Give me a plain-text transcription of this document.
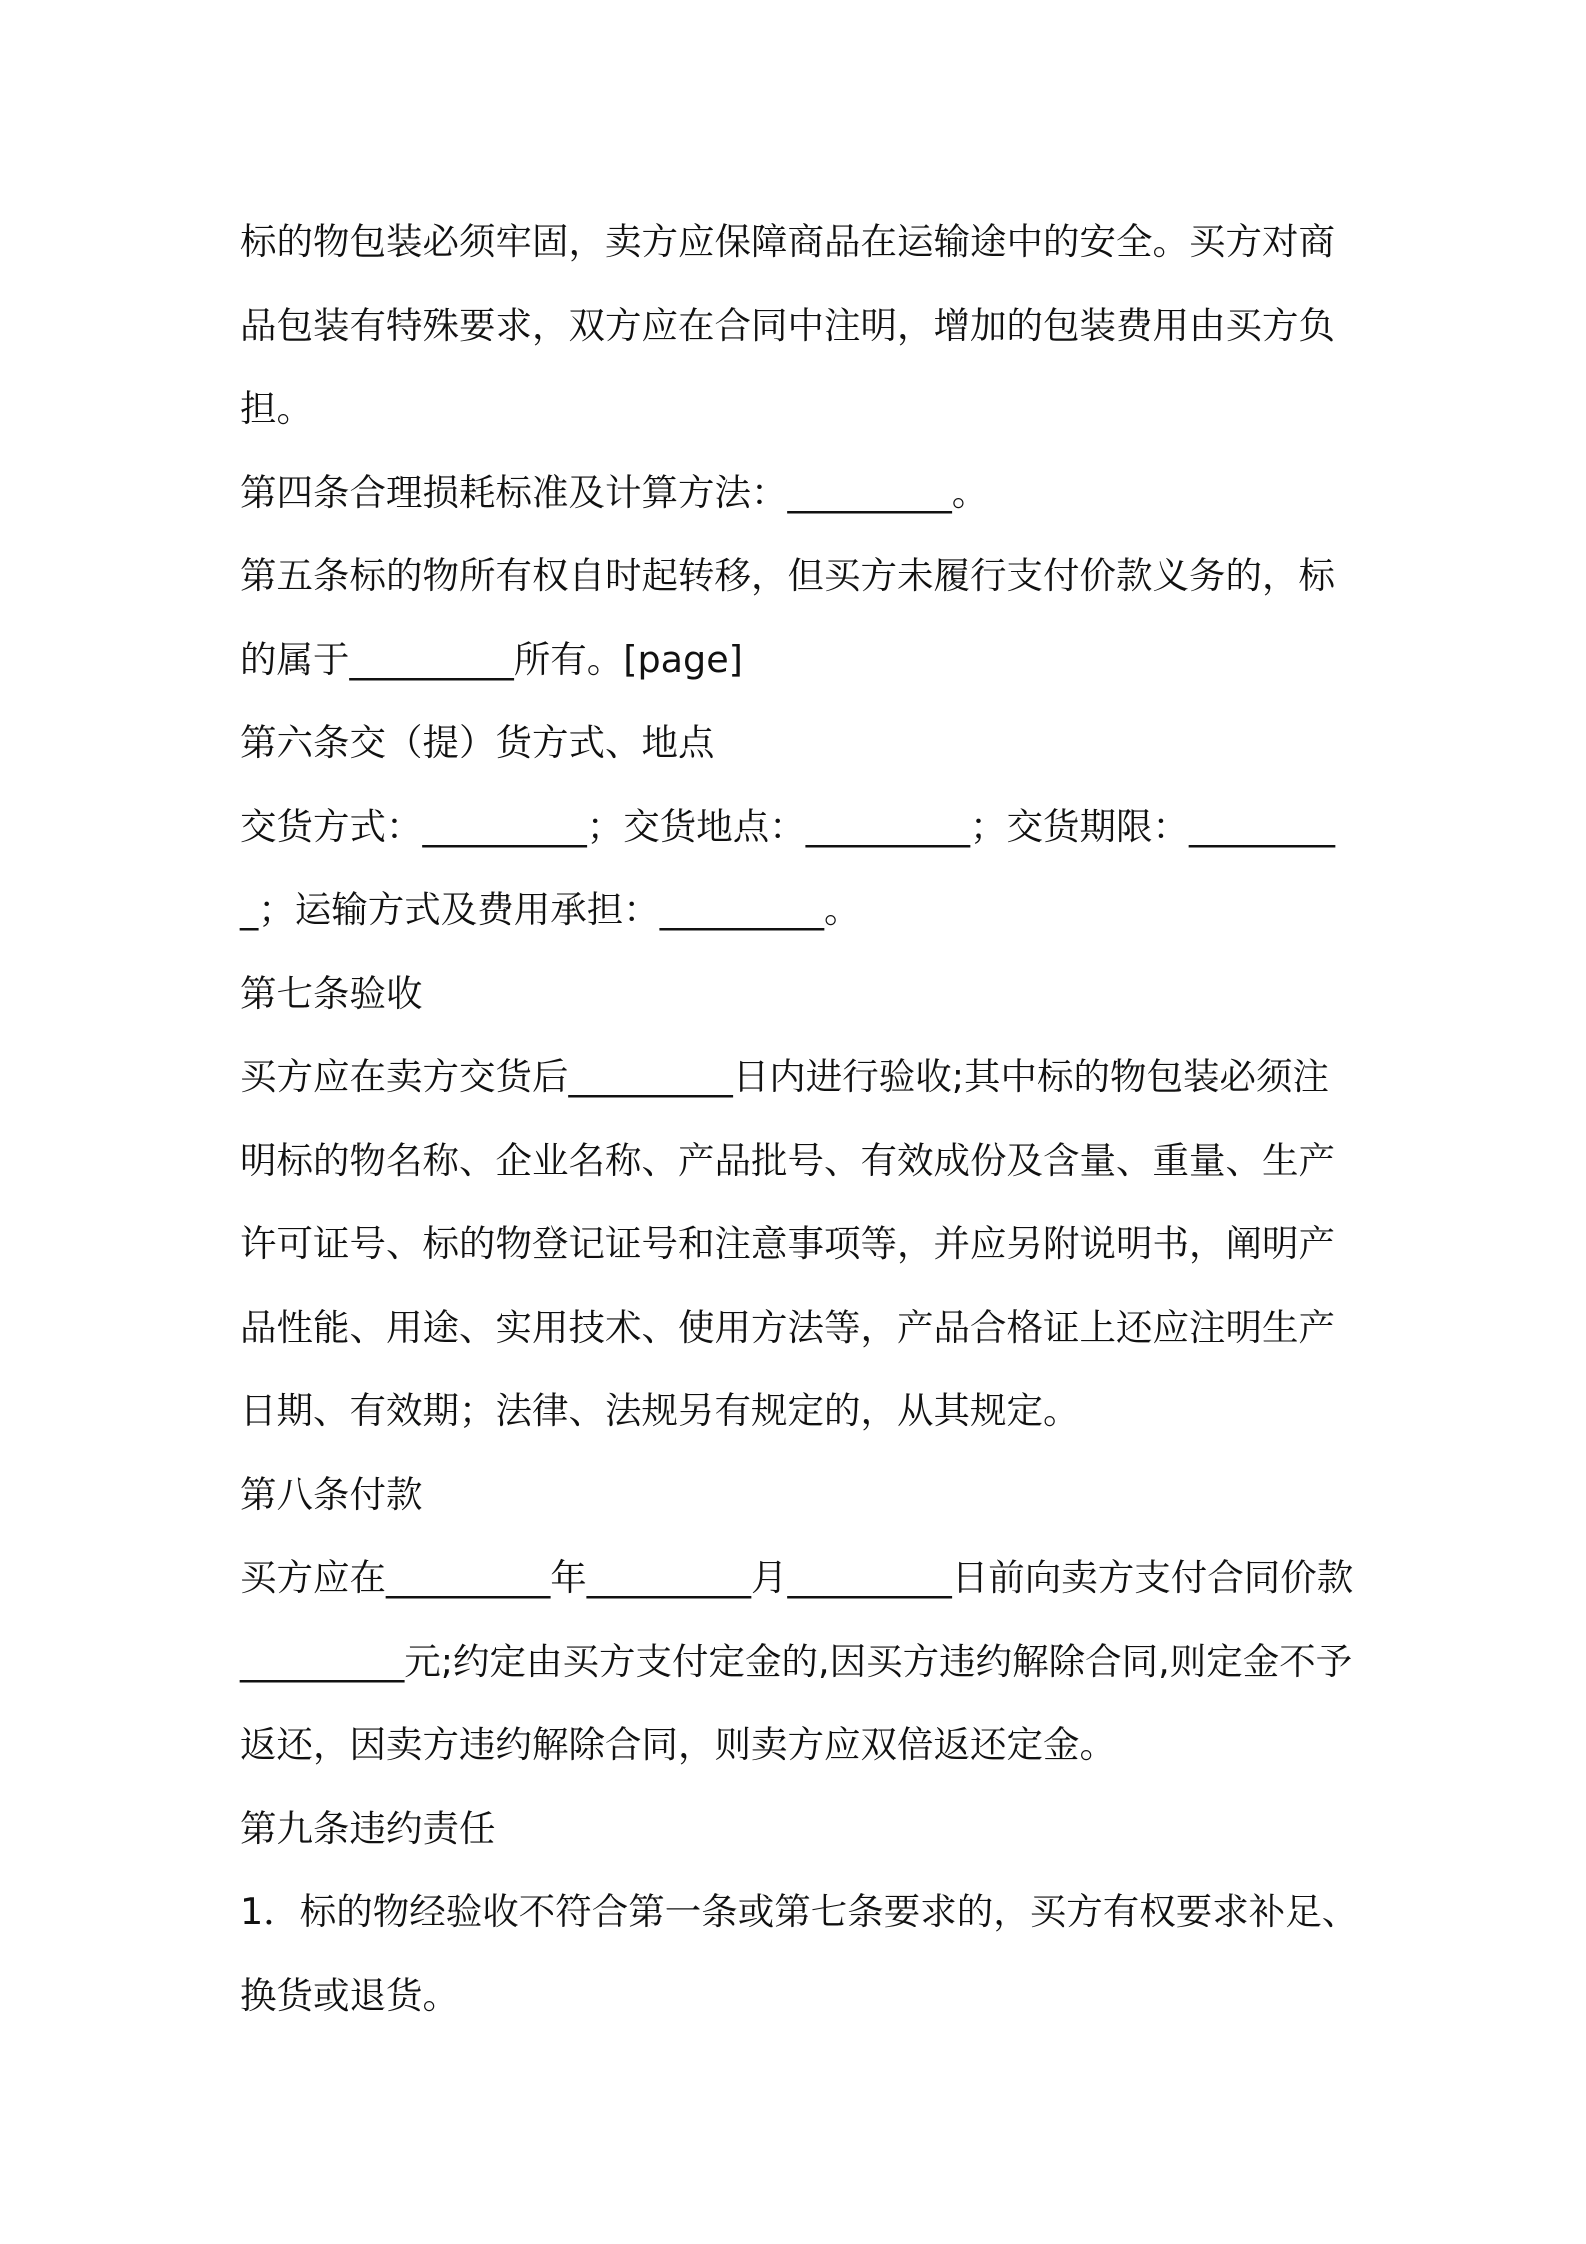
标的物包装必须牢固，卖方应保障商品在运输途中的安全。买方对商品包装有特殊要求，双方应在合同中注明，增加的包装费用由买方负担。

第四条合理损耗标准及计算方法：_________。

第五条标的物所有权自时起转移，但买方未履行支付价款义务的，标的属于_________所有。[page]

第六条交（提）货方式、地点

交货方式：_________；交货地点：_________；交货期限：_________；运输方式及费用承担：_________。

第七条验收

买方应在卖方交货后_________日内进行验收;其中标的物包装必须注明标的物名称、企业名称、产品批号、有效成份及含量、重量、生产许可证号、标的物登记证号和注意事项等，并应另附说明书，阐明产品性能、用途、实用技术、使用方法等，产品合格证上还应注明生产日期、有效期；法律、法规另有规定的，从其规定。

第八条付款

买方应在_________年_________月_________日前向卖方支付合同价款_________元;约定由买方支付定金的,因买方违约解除合同,则定金不予返还，因卖方违约解除合同，则卖方应双倍返还定金。

第九条违约责任

1．标的物经验收不符合第一条或第七条要求的，买方有权要求补足、换货或退货。
